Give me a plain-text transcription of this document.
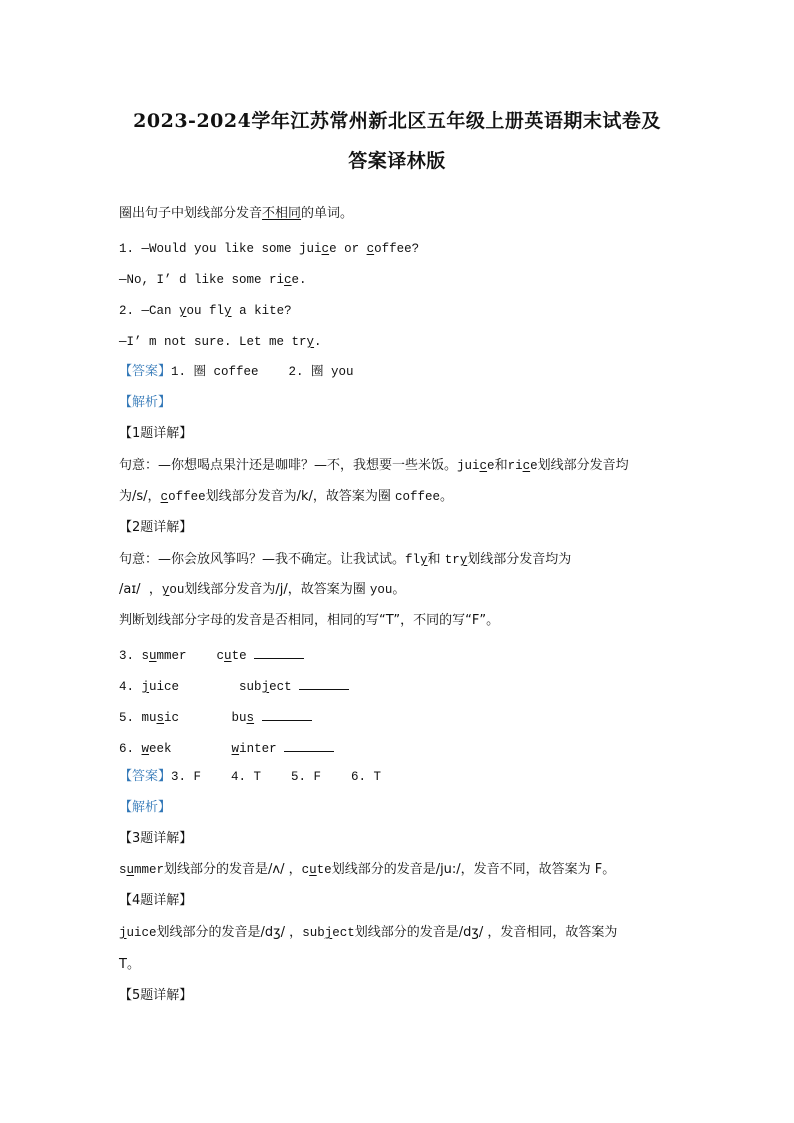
2023-2024学年江苏常州新北区五年级上册英语期末试卷及
答案译林版
圈出句子中划线部分发音不相同的单词。
1. —Would you like some juice or coffee?
—No, I’ d like some rice.
2. —Can you fly a kite?
—I’ m not sure. Let me try.
【答案】1. 圈 coffee    2. 圈 you
【解析】
【1题详解】
句意：—你想喝点果汁还是咖啡？—不，我想要一些米饭。juice和rice划线部分发音均
为/s/，coffee划线部分发音为/k/，故答案为圈 coffee。
【2题详解】
句意：—你会放风筝吗？—我不确定。让我试试。fly和 try划线部分发音均为
/aɪ/  ，you划线部分发音为/j/，故答案为圈 you。
判断划线部分字母的发音是否相同，相同的写“T”，不同的写“F”。
3. summer    cute
4. juice        subject
5. music       bus
6. week        winter
【答案】3. F    4. T    5. F    6. T
【解析】
【3题详解】
summer划线部分的发音是/ʌ/ ，cute划线部分的发音是/ju:/，发音不同，故答案为 F。
【4题详解】
juice划线部分的发音是/dʒ/ ，subject划线部分的发音是/dʒ/ ，发音相同，故答案为
T。
【5题详解】
